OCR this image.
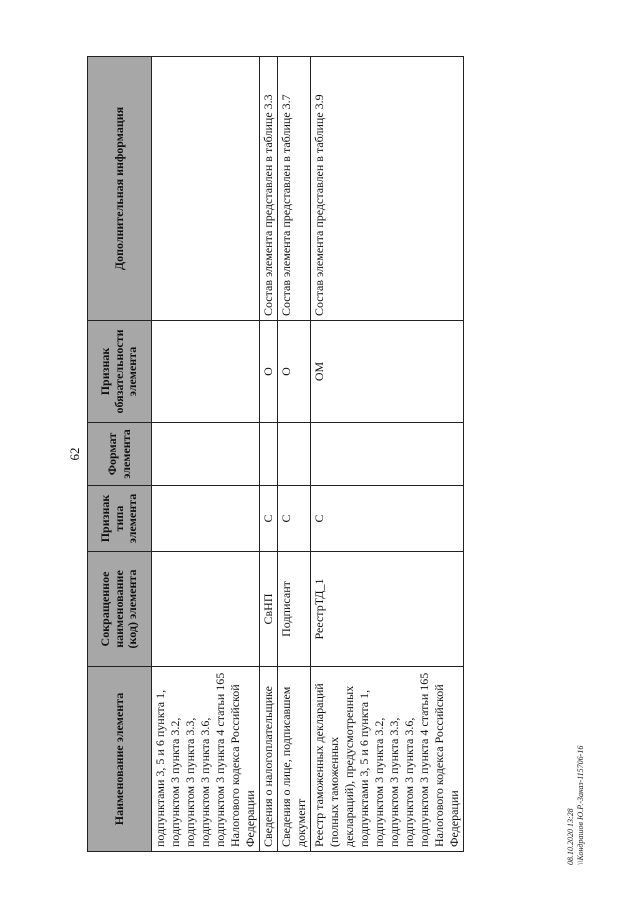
62
Наименование элемента	Сокращенное наименование (код) элемента	Признак типа элемента	Формат элемента	Признак обязательности элемента	Дополнительная информация
подпунктами 3, 5 и 6 пункта 1, подпунктом 3 пункта 3.2, подпунктом 3 пункта 3.3, подпунктом 3 пункта 3.6, подпунктом 3 пункта 4 статьи 165 Налогового кодекса Российской Федерации					
Сведения о налогоплательщике	СвНП	С		О	Состав элемента представлен в таблице 3.3
Сведения о лице, подписавшем документ	Подписант	С		О	Состав элемента представлен в таблице 3.7
Реестр таможенных деклараций (полных таможенных деклараций), предусмотренных подпунктами 3, 5 и 6 пункта 1, подпунктом 3 пункта 3.2, подпунктом 3 пункта 3.3, подпунктом 3 пункта 3.6, подпунктом 3 пункта 4 статьи 165 Налогового кодекса Российской Федерации	РеестрТД_1	С		ОМ	Состав элемента представлен в таблице 3.9
08.10.2020 13:28 \\Кондрашов Ю.Р.-Заказ-115706-16
